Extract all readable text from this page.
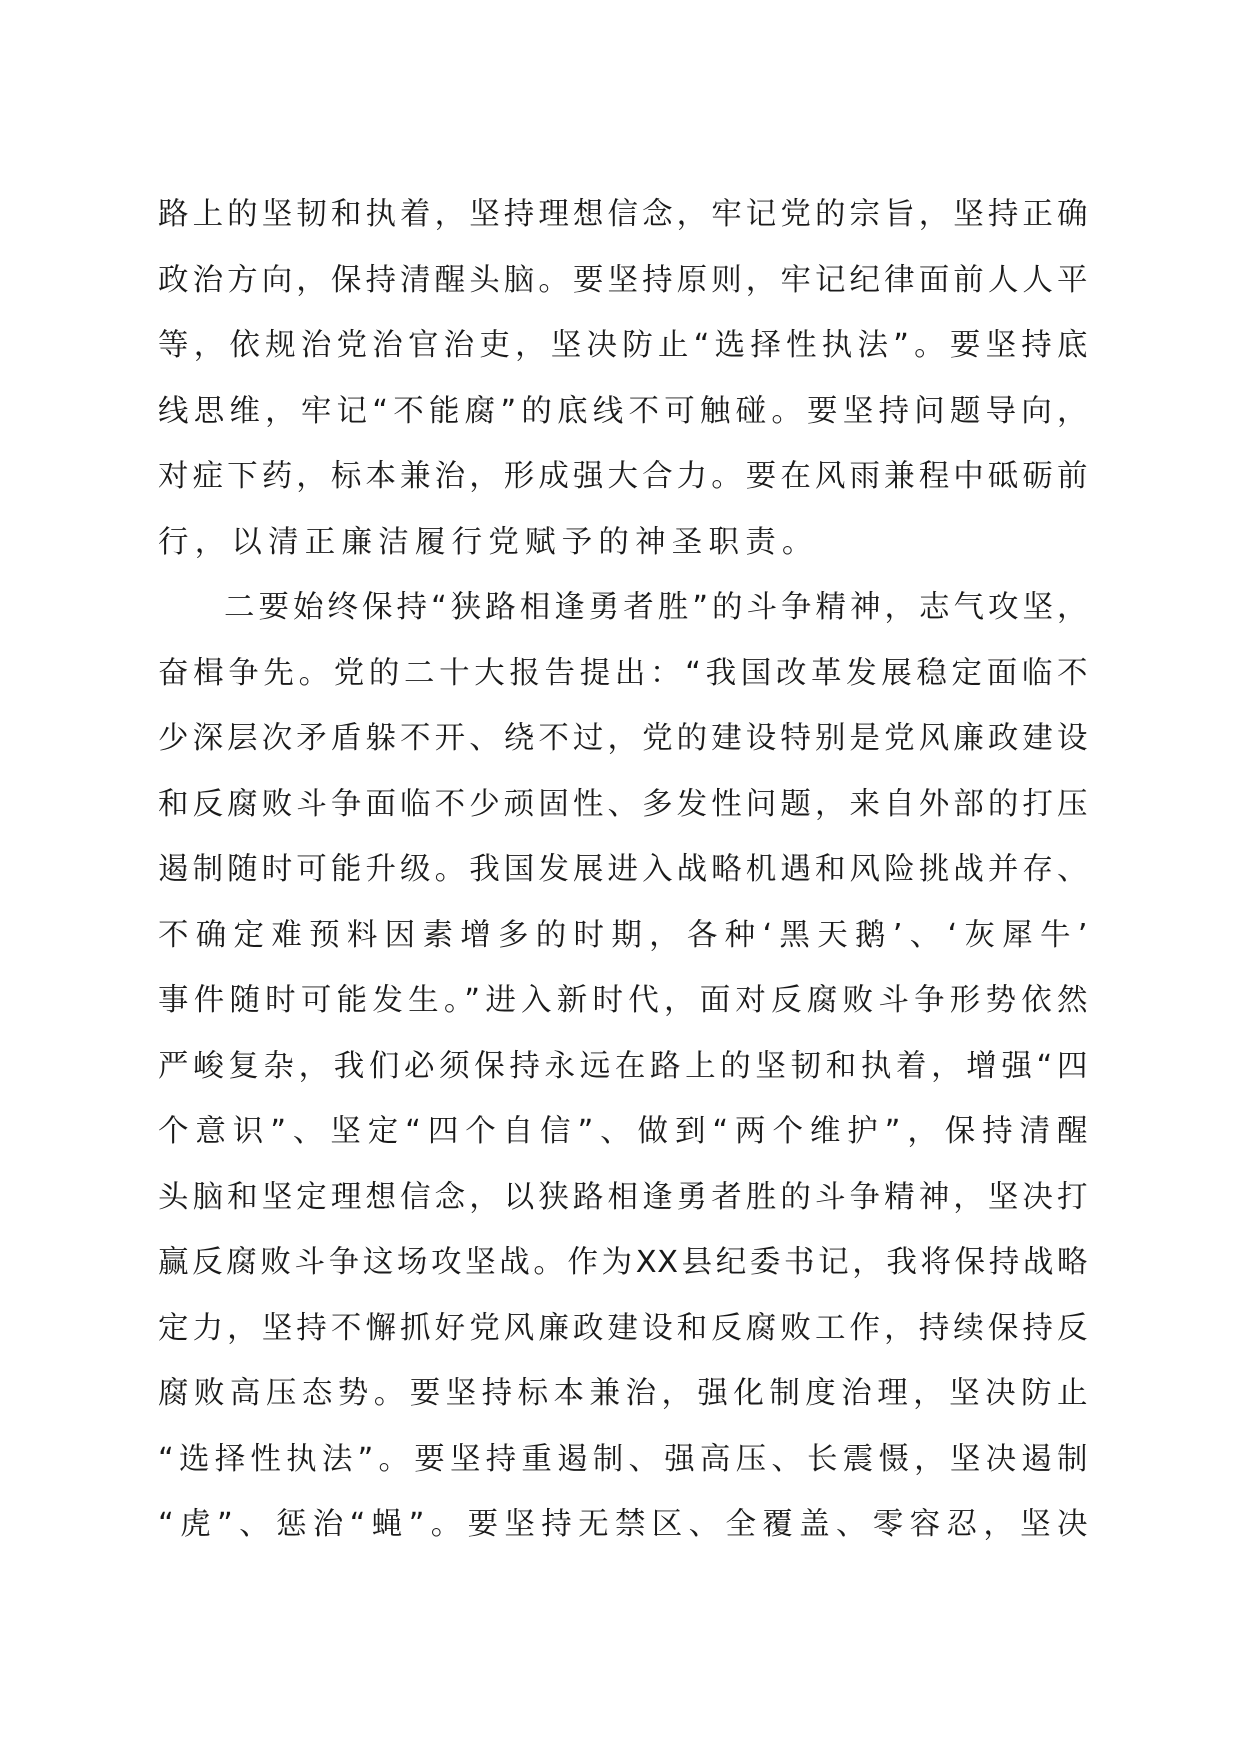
路上的坚韧和执着，坚持理想信念，牢记党的宗旨，坚持正确
政治方向，保持清醒头脑。要坚持原则，牢记纪律面前人人平
等，依规治党治官治吏，坚决防止“选择性执法”。要坚持底
线思维，牢记“不能腐”的底线不可触碰。要坚持问题导向，
对症下药，标本兼治，形成强大合力。要在风雨兼程中砥砺前
行，以清正廉洁履行党赋予的神圣职责。
二要始终保持“狭路相逢勇者胜”的斗争精神，志气攻坚，
奋楫争先。党的二十大报告提出：“我国改革发展稳定面临不
少深层次矛盾躲不开、绕不过，党的建设特别是党风廉政建设
和反腐败斗争面临不少顽固性、多发性问题，来自外部的打压
遏制随时可能升级。我国发展进入战略机遇和风险挑战并存、
不确定难预料因素增多的时期，各种‘黑天鹅’、‘灰犀牛’
事件随时可能发生。”进入新时代，面对反腐败斗争形势依然
严峻复杂，我们必须保持永远在路上的坚韧和执着，增强“四
个意识”、坚定“四个自信”、做到“两个维护”，保持清醒
头脑和坚定理想信念，以狭路相逢勇者胜的斗争精神，坚决打
赢反腐败斗争这场攻坚战。作为XX县纪委书记，我将保持战略
定力，坚持不懈抓好党风廉政建设和反腐败工作，持续保持反
腐败高压态势。要坚持标本兼治，强化制度治理，坚决防止
“选择性执法”。要坚持重遏制、强高压、长震慑，坚决遏制
“虎”、惩治“蝇”。要坚持无禁区、全覆盖、零容忍，坚决
